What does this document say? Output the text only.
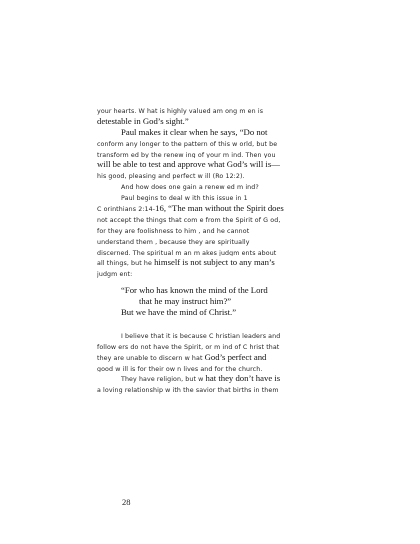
your hearts. W hat is highly valued am ong m en is
detestable in God’s sight.”
Paul makes it clear when he says, “Do not
conform any longer to the pattern of this w orld, but be
transform ed by the renew ing of your m ind. Then you
will be able to test and approve what God’s will is—
his good, pleasing and perfect w ill (Ro 12:2).
And how does one gain a renew ed m ind?
Paul begins to deal w ith this issue in 1
C orinthians 2:14-16, “The man without the Spirit does
not accept the things that com e from the Spirit of G od,
for they are foolishness to him , and he cannot
understand them , because they are spiritually
discerned. The spiritual m an m akes judgm ents about
all things, but he himself is not subject to any man’s
judgm ent:
“For who has known the mind of the Lord
that he may instruct him?”
But we have the mind of Christ.”
I believe that it is because C hristian leaders and
follow ers do not have the Spirit, or m ind of C hrist that
they are unable to discern w hat God’s perfect and
good w ill is for their ow n lives and for the church.
They have religion, but w hat they don’t have is
a loving relationship w ith the savior that births in them
28
